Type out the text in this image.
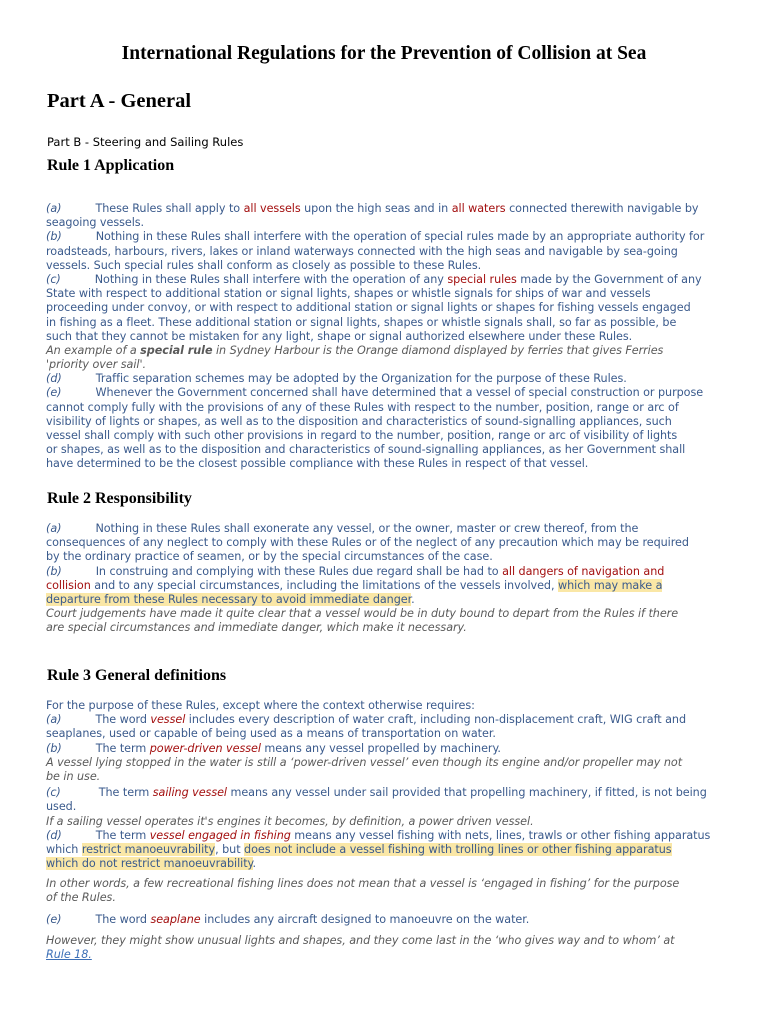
International Regulations for the Prevention of Collision at Sea
Part A - General
Part B - Steering and Sailing Rules
Rule 1 Application
(a)	These Rules shall apply to all vessels upon the high seas and in all waters connected therewith navigable by
seagoing vessels.
(b)	Nothing in these Rules shall interfere with the operation of special rules made by an appropriate authority for
roadsteads, harbours, rivers, lakes or inland waterways connected with the high seas and navigable by sea-going
vessels. Such special rules shall conform as closely as possible to these Rules.
(c)	Nothing in these Rules shall interfere with the operation of any special rules made by the Government of any
State with respect to additional station or signal lights, shapes or whistle signals for ships of war and vessels
proceeding under convoy, or with respect to additional station or signal lights or shapes for fishing vessels engaged
in fishing as a fleet. These additional station or signal lights, shapes or whistle signals shall, so far as possible, be
such that they cannot be mistaken for any light, shape or signal authorized elsewhere under these Rules.
An example of a special rule in Sydney Harbour is the Orange diamond displayed by ferries that gives Ferries
'priority over sail'.
(d)	Traffic separation schemes may be adopted by the Organization for the purpose of these Rules.
(e)	Whenever the Government concerned shall have determined that a vessel of special construction or purpose
cannot comply fully with the provisions of any of these Rules with respect to the number, position, range or arc of
visibility of lights or shapes, as well as to the disposition and characteristics of sound-signalling appliances, such
vessel shall comply with such other provisions in regard to the number, position, range or arc of visibility of lights
or shapes, as well as to the disposition and characteristics of sound-signalling appliances, as her Government shall
have determined to be the closest possible compliance with these Rules in respect of that vessel.
Rule 2 Responsibility
(a)	Nothing in these Rules shall exonerate any vessel, or the owner, master or crew thereof, from the
consequences of any neglect to comply with these Rules or of the neglect of any precaution which may be required
by the ordinary practice of seamen, or by the special circumstances of the case.
(b)	In construing and complying with these Rules due regard shall be had to all dangers of navigation and
collision and to any special circumstances, including the limitations of the vessels involved, which may make a
departure from these Rules necessary to avoid immediate danger.
Court judgements have made it quite clear that a vessel would be in duty bound to depart from the Rules if there
are special circumstances and immediate danger, which make it necessary.
Rule 3 General definitions
For the purpose of these Rules, except where the context otherwise requires:
(a)	The word vessel includes every description of water craft, including non-displacement craft, WIG craft and
seaplanes, used or capable of being used as a means of transportation on water.
(b)	The term power-driven vessel means any vessel propelled by machinery.
A vessel lying stopped in the water is still a ‘power-driven vessel’ even though its engine and/or propeller may not
be in use.
(c)	The term sailing vessel means any vessel under sail provided that propelling machinery, if fitted, is not being
used.
If a sailing vessel operates it's engines it becomes, by definition, a power driven vessel.
(d)	The term vessel engaged in fishing means any vessel fishing with nets, lines, trawls or other fishing apparatus
which restrict manoeuvrability, but does not include a vessel fishing with trolling lines or other fishing apparatus
which do not restrict manoeuvrability.
In other words, a few recreational fishing lines does not mean that a vessel is ‘engaged in fishing’ for the purpose
of the Rules.
(e)	The word seaplane includes any aircraft designed to manoeuvre on the water.
However, they might show unusual lights and shapes, and they come last in the ‘who gives way and to whom’ at
Rule 18.
